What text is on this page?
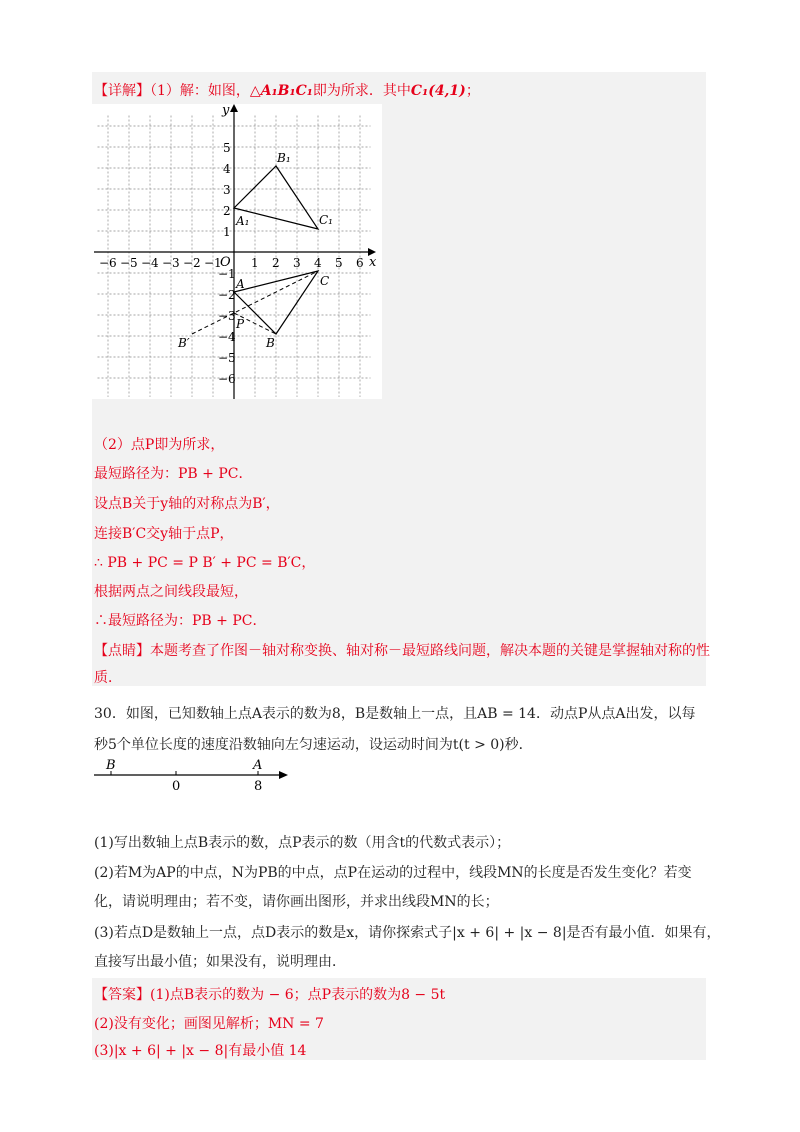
【详解】（1）解：如图，△A₁B₁C₁即为所求．其中C₁(4,1)；
x
y
O
−6 −5 −4 −3 −2 −1 1 2 3 4 5 6
4
5
3
2
1
−1
−2
−3
−4
−5
−6
B₁
A₁	C₁
A	C
P
B
B′
（2）点P即为所求，
最短路径为：PB + PC．
设点B关于y轴的对称点为B′，
连接B′C交y轴于点P，
∴ PB + PC = P B′ + PC = B′C，
根据两点之间线段最短，
∴最短路径为：PB + PC．
【点睛】本题考查了作图－轴对称变换、轴对称－最短路线问题，解决本题的关键是掌握轴对称的性
质．
30．如图，已知数轴上点A表示的数为8，B是数轴上一点，且AB = 14．动点P从点A出发，以每
秒5个单位长度的速度沿数轴向左匀速运动，设运动时间为t(t > 0)秒．
B	A
0	8
(1)写出数轴上点B表示的数，点P表示的数（用含t的代数式表示）；
(2)若M为AP的中点，N为PB的中点，点P在运动的过程中，线段MN的长度是否发生变化？若变
化，请说明理由；若不变，请你画出图形，并求出线段MN的长；
(3)若点D是数轴上一点，点D表示的数是x，请你探索式子|x + 6| + |x − 8|是否有最小值．如果有，
直接写出最小值；如果没有，说明理由．
【答案】(1)点B表示的数为 − 6；点P表示的数为8 − 5t
(2)没有变化；画图见解析；MN = 7
(3)|x + 6| + |x − 8|有最小值 14
